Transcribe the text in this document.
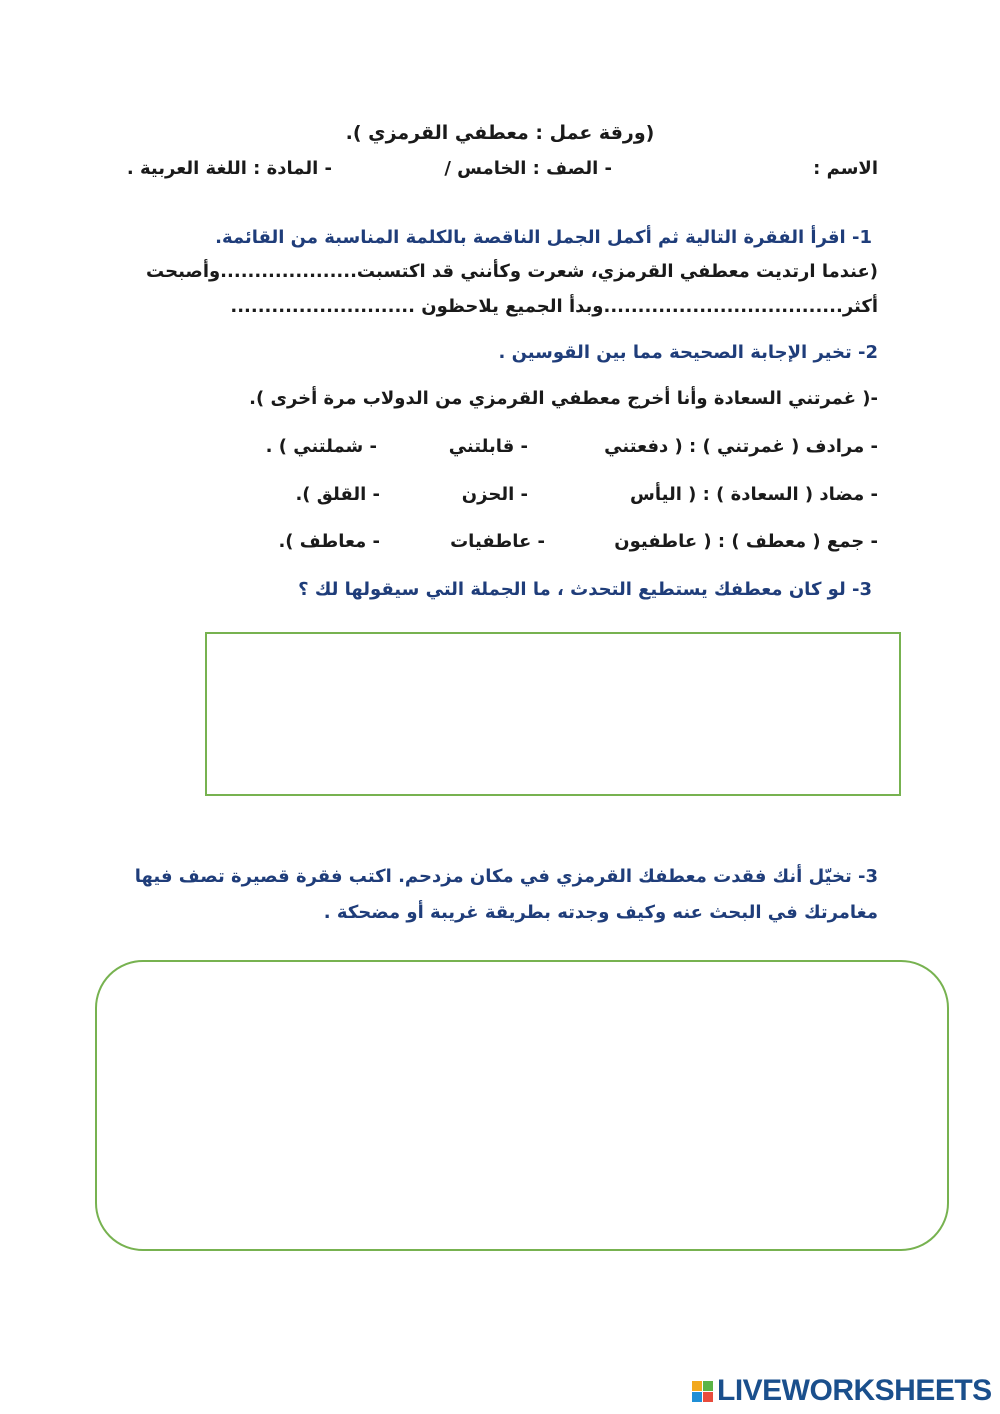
(ورقة عمل : معطفي القرمزي ).
الاسم :
- الصف : الخامس /
- المادة : اللغة العربية .
1- اقرأ الفقرة التالية ثم أكمل الجمل الناقصة بالكلمة المناسبة من القائمة.
(عندما ارتديت معطفي القرمزي، شعرت وكأنني قد اكتسبت....................وأصبحت
أكثر...................................وبدأ الجميع يلاحظون ...........................
2- تخير الإجابة الصحيحة مما بين القوسين .
-( غمرتني السعادة وأنا أخرج معطفي القرمزي من الدولاب مرة أخرى ).
- مرادف ( غمرتني ) : ( دفعتني
- قابلتني
- شملتني ) .
- مضاد ( السعادة ) : ( اليأس
- الحزن
- القلق ).
- جمع ( معطف ) : ( عاطفيون
- عاطفيات
- معاطف ).
3- لو كان معطفك يستطيع التحدث ، ما الجملة التي سيقولها لك ؟
3- تخيّل أنك فقدت معطفك القرمزي في مكان مزدحم. اكتب فقرة قصيرة تصف فيها
مغامرتك في البحث عنه وكيف وجدته بطريقة غريبة أو مضحكة .
LIVEWORKSHEETS
